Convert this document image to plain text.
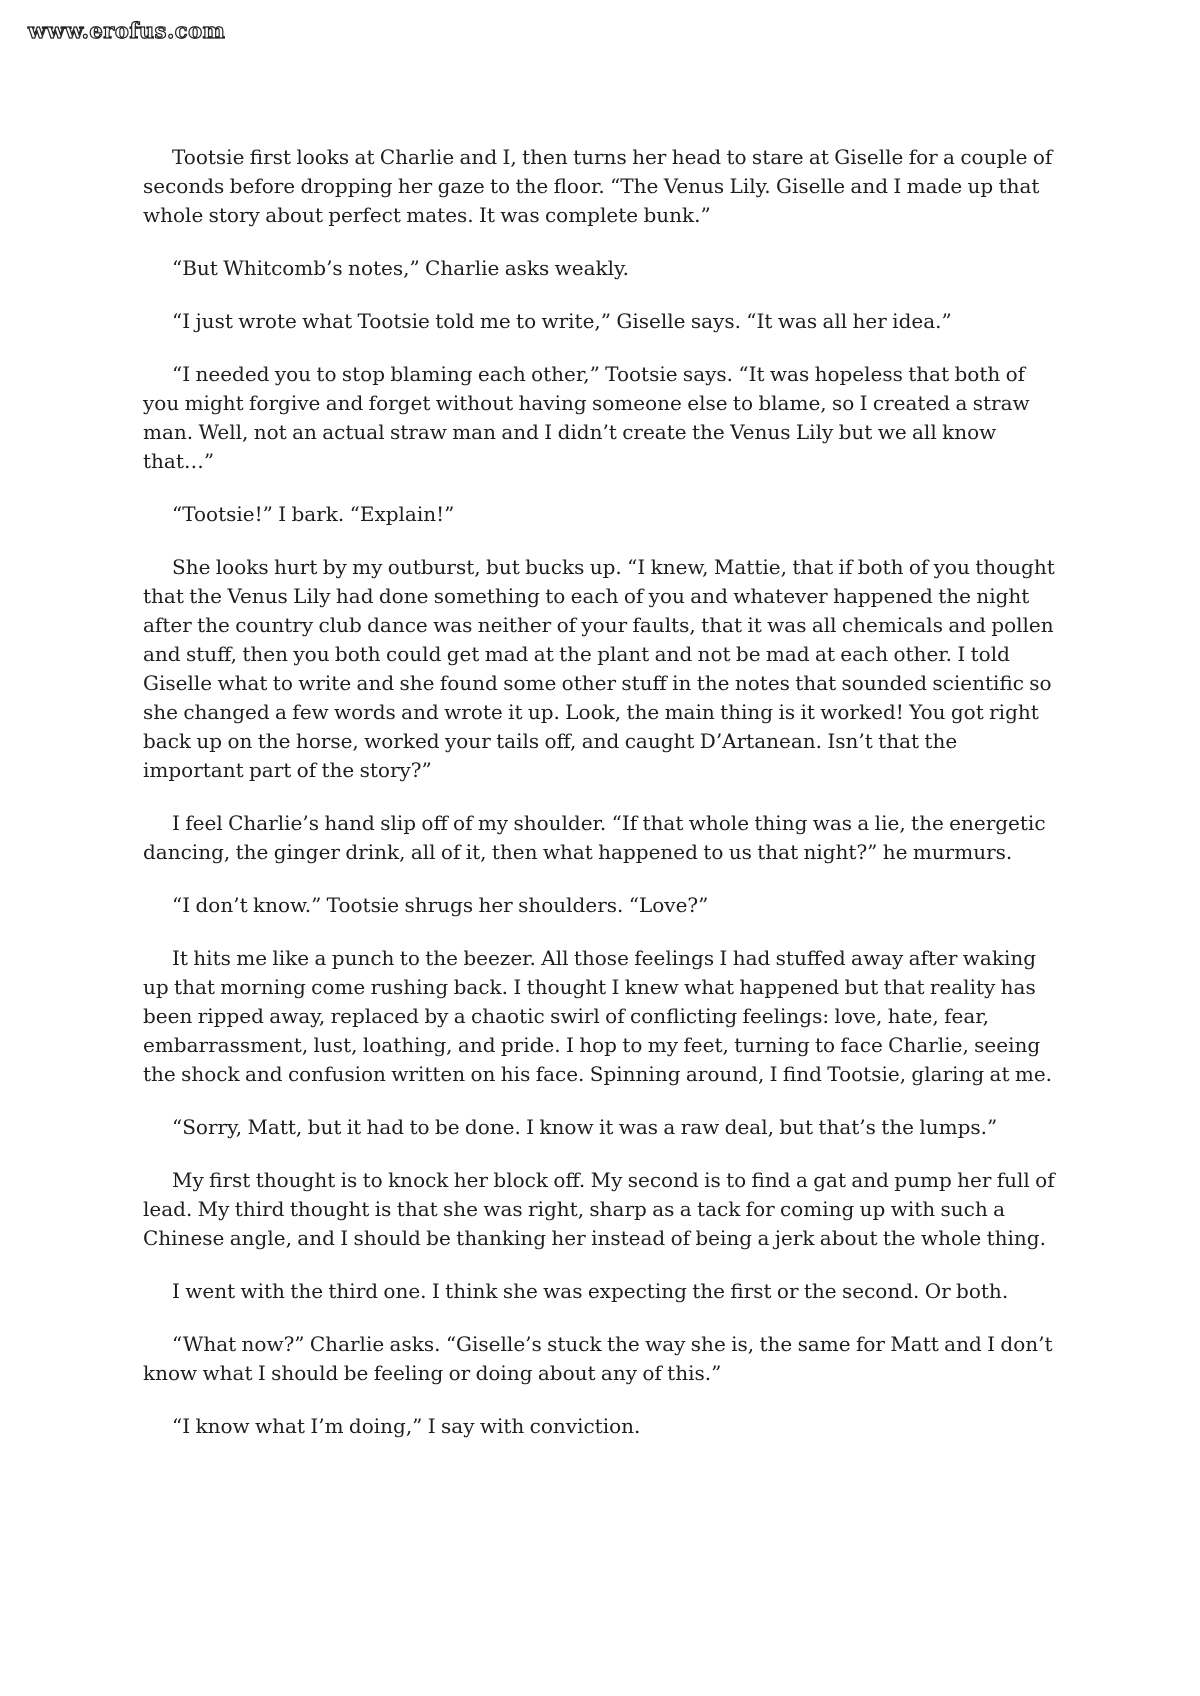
www.erofus.com

Tootsie first looks at Charlie and I, then turns her head to stare at Giselle for a couple of seconds before dropping her gaze to the floor. “The Venus Lily. Giselle and I made up that whole story about perfect mates. It was complete bunk.”

“But Whitcomb’s notes,” Charlie asks weakly.

“I just wrote what Tootsie told me to write,” Giselle says. “It was all her idea.”

“I needed you to stop blaming each other,” Tootsie says. “It was hopeless that both of you might forgive and forget without having someone else to blame, so I created a straw man. Well, not an actual straw man and I didn’t create the Venus Lily but we all know that…”

“Tootsie!” I bark. “Explain!”

She looks hurt by my outburst, but bucks up. “I knew, Mattie, that if both of you thought that the Venus Lily had done something to each of you and whatever happened the night after the country club dance was neither of your faults, that it was all chemicals and pollen and stuff, then you both could get mad at the plant and not be mad at each other. I told Giselle what to write and she found some other stuff in the notes that sounded scientific so she changed a few words and wrote it up. Look, the main thing is it worked! You got right back up on the horse, worked your tails off, and caught D’Artanean. Isn’t that the important part of the story?”

I feel Charlie’s hand slip off of my shoulder. “If that whole thing was a lie, the energetic dancing, the ginger drink, all of it, then what happened to us that night?” he murmurs.

“I don’t know.” Tootsie shrugs her shoulders. “Love?”

It hits me like a punch to the beezer. All those feelings I had stuffed away after waking up that morning come rushing back. I thought I knew what happened but that reality has been ripped away, replaced by a chaotic swirl of conflicting feelings: love, hate, fear, embarrassment, lust, loathing, and pride. I hop to my feet, turning to face Charlie, seeing the shock and confusion written on his face. Spinning around, I find Tootsie, glaring at me.

“Sorry, Matt, but it had to be done. I know it was a raw deal, but that’s the lumps.”

My first thought is to knock her block off. My second is to find a gat and pump her full of lead. My third thought is that she was right, sharp as a tack for coming up with such a Chinese angle, and I should be thanking her instead of being a jerk about the whole thing.

I went with the third one. I think she was expecting the first or the second. Or both.

“What now?” Charlie asks. “Giselle’s stuck the way she is, the same for Matt and I don’t know what I should be feeling or doing about any of this.”

“I know what I’m doing,” I say with conviction.
